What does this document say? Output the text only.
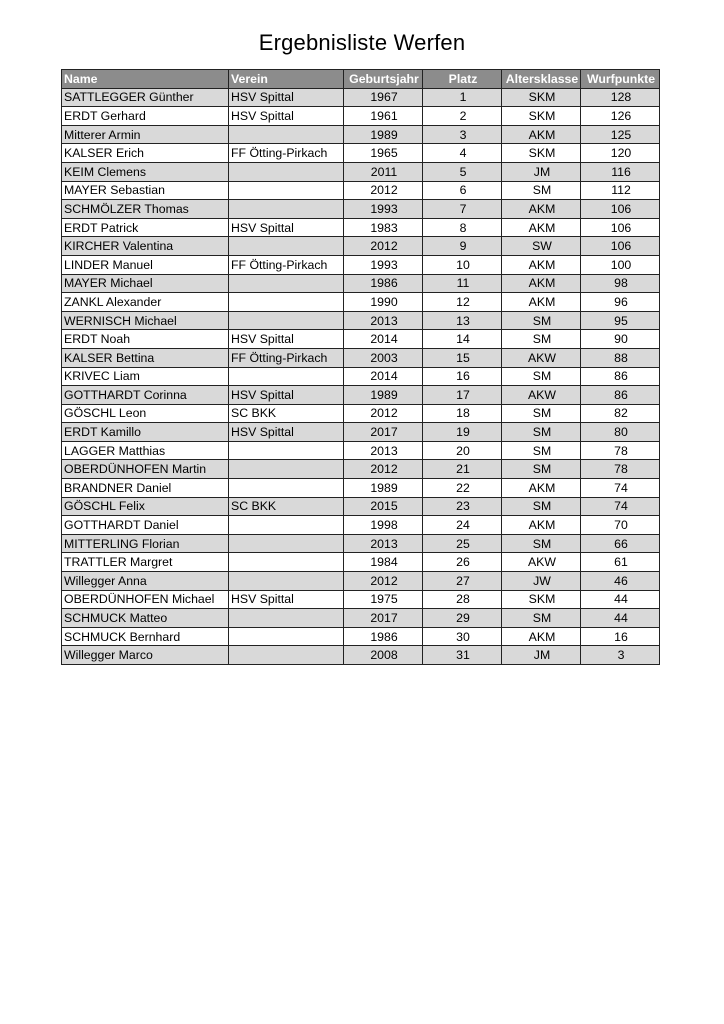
Ergebnisliste Werfen
Name	Verein	Geburtsjahr	Platz	Altersklasse	Wurfpunkte
SATTLEGGER Günther	HSV Spittal	1967	1	SKM	128
ERDT Gerhard	HSV Spittal	1961	2	SKM	126
Mitterer Armin		1989	3	AKM	125
KALSER Erich	FF Ötting-Pirkach	1965	4	SKM	120
KEIM Clemens		2011	5	JM	116
MAYER Sebastian		2012	6	SM	112
SCHMÖLZER Thomas		1993	7	AKM	106
ERDT Patrick	HSV Spittal	1983	8	AKM	106
KIRCHER Valentina		2012	9	SW	106
LINDER Manuel	FF Ötting-Pirkach	1993	10	AKM	100
MAYER Michael		1986	11	AKM	98
ZANKL Alexander		1990	12	AKM	96
WERNISCH Michael		2013	13	SM	95
ERDT Noah	HSV Spittal	2014	14	SM	90
KALSER Bettina	FF Ötting-Pirkach	2003	15	AKW	88
KRIVEC Liam		2014	16	SM	86
GOTTHARDT Corinna	HSV Spittal	1989	17	AKW	86
GÖSCHL Leon	SC BKK	2012	18	SM	82
ERDT Kamillo	HSV Spittal	2017	19	SM	80
LAGGER Matthias		2013	20	SM	78
OBERDÜNHOFEN Martin		2012	21	SM	78
BRANDNER Daniel		1989	22	AKM	74
GÖSCHL Felix	SC BKK	2015	23	SM	74
GOTTHARDT Daniel		1998	24	AKM	70
MITTERLING Florian		2013	25	SM	66
TRATTLER Margret		1984	26	AKW	61
Willegger Anna		2012	27	JW	46
OBERDÜNHOFEN Michael	HSV Spittal	1975	28	SKM	44
SCHMUCK Matteo		2017	29	SM	44
SCHMUCK Bernhard		1986	30	AKM	16
Willegger Marco		2008	31	JM	3
